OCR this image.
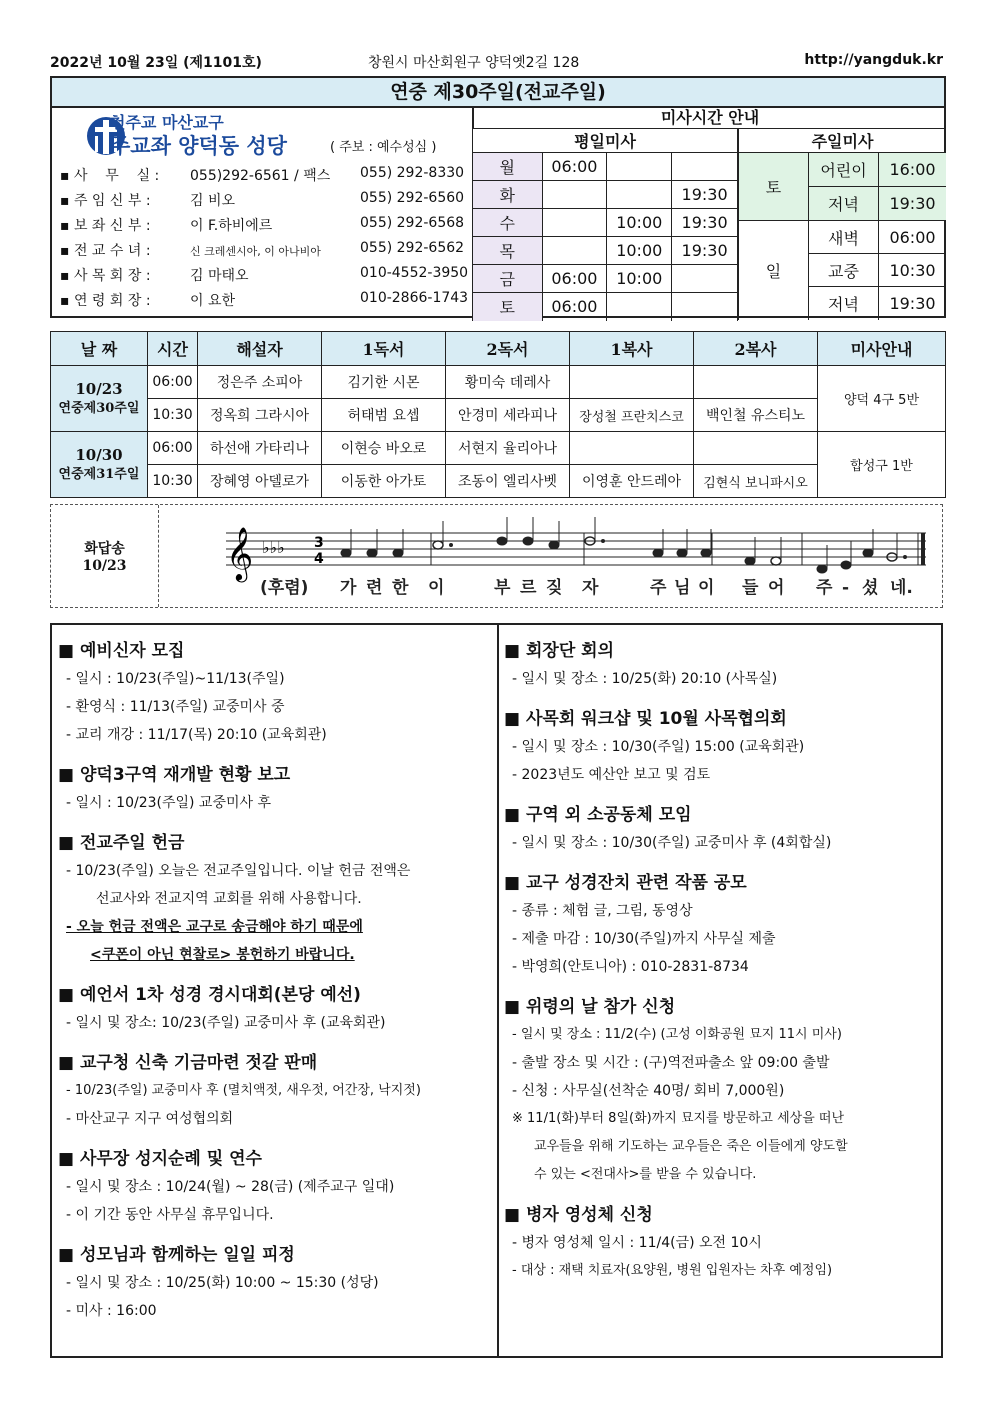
2022년 10월 23일 (제1101호)	창원시 마산회원구 양덕옛2길 128	http://yangduk.kr
연중 제30주일(전교주일)
천주교 마산교구
주교좌 양덕동 성당	( 주보 : 예수성심 )
▪ 사    무    실 : 055)292-6561 / 팩스 055) 292-8330
▪ 주 임 신 부 :	김 비오	055) 292-6560
▪ 보 좌 신 부 :	이 F.하비에르	055) 292-6568
▪ 전 교 수 녀 :	신 크레센시아, 이 아나비아	055) 292-6562
▪ 사 목 회 장 :	김 마태오	010-4552-3950
▪ 연 령 회 장 :	이 요한	010-2866-1743
미사시간 안내
평일미사			
월	06:00		
화			19:30
수		10:00	19:30
목		10:00	19:30
금	06:00	10:00	
토	06:00		
주일미사		
토	어린이	16:00
	저녁	19:30
일	새벽	06:00
	교중	10:30
	저녁	19:30
날 짜	시간	해설자	1독서	2독서	1복사	2복사	미사안내

10/23
연중제30주일	06:00	정은주 소피아	김기한 시몬	황미숙 데레사			양덕 4구 5반
	10:30	정옥희 그라시아	허태범 요셉	안경미 세라피나	장성철 프란치스코	백인철 유스티노	

10/30
연중제31주일	06:00	하선애 가타리나	이현승 바오로	서현지 율리아나			합성구 1반
	10:30	장혜영 아델로가	이동한 아가토	조동이 엘리사벳	이영훈 안드레아	김현식 보니파시오	
화답송
10/23 𝄞 ♭♭♭ 3
4
(후렴) 가 련 한 이	부 르 짖 자	주 님 이 들 어 주 - 셨 네.
■ 예비신자 모집

- 일시 : 10/23(주일)~11/13(주일)

- 환영식 : 11/13(주일) 교중미사 중

- 교리 개강 : 11/17(목) 20:10 (교육회관)

■ 양덕3구역 재개발 현황 보고

- 일시 : 10/23(주일) 교중미사 후

■ 전교주일 헌금

- 10/23(주일) 오늘은 전교주일입니다. 이날 헌금 전액은

선교사와 전교지역 교회를 위해 사용합니다.

- 오늘 헌금 전액은 교구로 송금해야 하기 때문에

<쿠폰이 아닌 현찰로> 봉헌하기 바랍니다.

■ 예언서 1차 성경 경시대회(본당 예선)

- 일시 및 장소: 10/23(주일) 교중미사 후 (교육회관)

■ 교구청 신축 기금마련 젓갈 판매

- 10/23(주일) 교중미사 후 (멸치액젓, 새우젓, 어간장, 낙지젓)

- 마산교구 지구 여성협의회

■ 사무장 성지순례 및 연수

- 일시 및 장소 : 10/24(월) ~ 28(금) (제주교구 일대)

- 이 기간 동안 사무실 휴무입니다.

■ 성모님과 함께하는 일일 피정

- 일시 및 장소 : 10/25(화) 10:00 ~ 15:30 (성당)

- 미사 : 16:00

■ 회장단 회의

- 일시 및 장소 : 10/25(화) 20:10 (사목실)

■ 사목회 워크샵 및 10월 사목협의회

- 일시 및 장소 : 10/30(주일) 15:00 (교육회관)

- 2023년도 예산안 보고 및 검토

■ 구역 외 소공동체 모임

- 일시 및 장소 : 10/30(주일) 교중미사 후 (4회합실)

■ 교구 성경잔치 관련 작품 공모

- 종류 : 체험 글, 그림, 동영상

- 제출 마감 : 10/30(주일)까지 사무실 제출

- 박영희(안토니아) : 010-2831-8734

■ 위령의 날 참가 신청

- 일시 및 장소 : 11/2(수) (고성 이화공원 묘지 11시 미사)

- 출발 장소 및 시간 : (구)역전파출소 앞 09:00 출발

- 신청 : 사무실(선착순 40명/ 회비 7,000원)

※ 11/1(화)부터 8일(화)까지 묘지를 방문하고 세상을 떠난

교우들을 위해 기도하는 교우들은 죽은 이들에게 양도할

수 있는 <전대사>를 받을 수 있습니다.

■ 병자 영성체 신청

- 병자 영성체 일시 : 11/4(금) 오전 10시

- 대상 : 재택 치료자(요양원, 병원 입원자는 차후 예정임)
